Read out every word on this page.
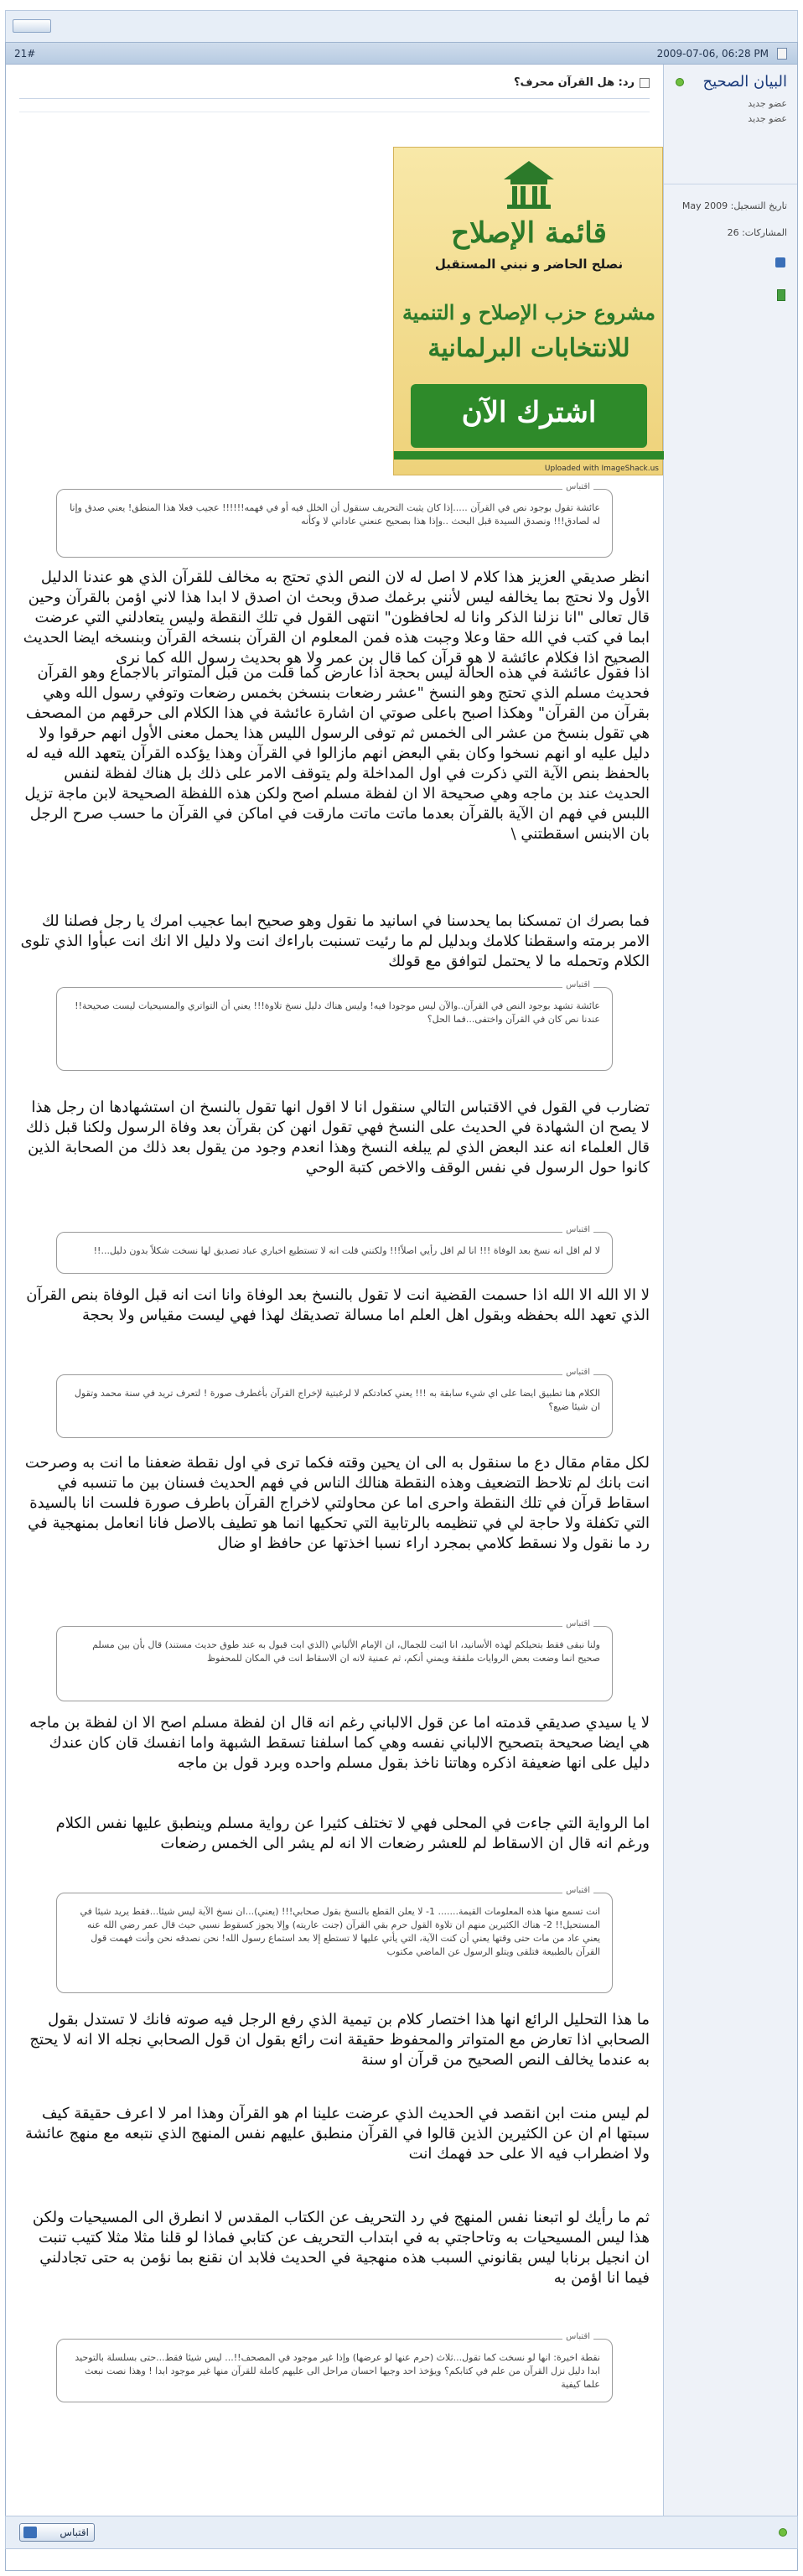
2009-07-06, 06:28 PM
21#
البيان الصحيح
عضو جديد
عضو جديد
تاريخ التسجيل: May 2009
المشاركات: 26
رد: هل القرآن محرف؟
قائمة الإصلاح
نصلح الحاضر و نبني المستقبل
مشروع حزب الإصلاح و التنمية
للانتخابات البرلمانية
اشترك الآن
Uploaded with ImageShack.us
اقتباس
عائشة تقول بوجود نص في القرآن .....إذا كان يثبت التحريف سنقول أن الخلل فيه أو في فهمه!!!!!! عجيب فعلا هذا المنطق! يعني صدق وإنا له لصادق!!! ونصدق السيدة قبل البحث ..وإذا هذا بصحيح عنعني عاداني لا وكأنه
انظر صديقي العزيز هذا كلام لا اصل له لان النص الذي تحتج به مخالف للقرآن الذي هو عندنا الدليل الأول ولا نحتج بما يخالفه ليس لأنني برغمك صدق وبحث ان اصدق لا ابدا هذا لاني اؤمن بالقرآن وحين قال تعالى "انا نزلنا الذكر وانا له لحافظون" انتهى القول في تلك النقطة وليس يتعادلني التي عرضت ابما في كتب في الله حقا وعلا وجبت هذه فمن المعلوم ان القرآن بنسخه القرآن وبنسخه ايضا الحديث الصحيح اذا فكلام عائشة لا هو قرآن كما قال بن عمر ولا هو بحديث رسول الله كما نرى
اذا فقول عائشة في هذه الحالة ليس بحجة اذا عارض كما قلت من قبل المتواتر بالاجماع وهو القرآن فحديث مسلم الذي تحتج وهو النسخ "عشر رضعات بنسخن بخمس رضعات وتوفي رسول الله وهي بقرآن من القرآن" وهكذا اصبح باعلى صوتي ان اشارة عائشة في هذا الكلام الى حرقهم من المصحف هي تقول بنسخ من عشر الى الخمس ثم توفى الرسول الليس هذا يحمل معنى الأول انهم حرقوا ولا دليل عليه او انهم نسخوا وكان بقي البعض انهم مازالوا في القرآن وهذا يؤكده القرآن يتعهد الله فيه له بالحفظ بنص الآية التي ذكرت في اول المداخلة ولم يتوقف الامر على ذلك بل هناك لفظة لنفس الحديث عند بن ماجه وهي صحيحة الا ان لفظة مسلم اصح ولكن هذه اللفظة الصحيحة لابن ماجة تزيل اللبس في فهم ان الآية بالقرآن بعدما ماتت ماتت مارقت في اماكن في القرآن ما حسب صرح الرجل بان الابنس اسقطتني \
فما بصرك ان تمسكنا بما يحدسنا في اسانيد ما نقول وهو صحيح ابما عجيب امرك يا رجل فصلنا لك الامر برمته واسقطنا كلامك وبدليل لم ما رئيت تسنبت باراءك انت ولا دليل الا انك انت عبأوا الذي تلوى الكلام وتحمله ما لا يحتمل لتوافق مع قولك
اقتباس
عائشة تشهد بوجود النص في القرآن..والآن ليس موجودا فيه! وليس هناك دليل نسخ تلاوة!!! يعني أن التواتري والمسيحيات ليست صحيحة!! عندنا نص كان في القرآن واختفى...فما الحل؟
تضارب في القول في الاقتباس التالي سنقول انا لا اقول انها تقول بالنسخ ان استشهادها ان رجل هذا لا يصح ان الشهادة في الحديث على النسخ فهي تقول انهن كن بقرآن بعد وفاة الرسول ولكنا قبل ذلك قال العلماء انه عند البعض الذي لم يبلغه النسخ وهذا انعدم وجود من يقول بعد ذلك من الصحابة الذين كانوا حول الرسول في نفس الوقف والاخص كتبة الوحي
اقتباس
لا لم اقل انه نسخ بعد الوفاة !!! انا لم اقل رأيي اصلاً!!! ولكنني قلت انه لا تستطيع اخباري عباد تصديق لها نسخت شكلاً بدون دليل...!!
لا الا الله الا الله اذا حسمت القضية انت لا تقول بالنسخ بعد الوفاة وانا انت انه قبل الوفاة بنص القرآن الذي تعهد الله بحفظه وبقول اهل العلم اما مسالة تصديقك لهذا فهي ليست مقياس ولا بحجة
اقتباس
الكلام هنا تطبيق ايضا على اي شيء سابقة به !!! يعني كعادتكم لا لرغبتية لإخراج القرآن بأغطرف صورة ! لتعرف تريد في سنة محمد وتقول ان شيئا ضيع؟
لكل مقام مقال دع ما سنقول به الى ان يحين وقته فكما ترى في اول نقطة ضعفنا ما انت به وصرحت انت بانك لم تلاحظ التضعيف وهذه النقطة هنالك الناس في فهم الحديث فسنان بين ما تنسبه في اسقاط قرآن في تلك النقطة واحرى اما عن محاولتي لاخراج القرآن باطرف صورة فلست انا بالسيدة التي تكفلة ولا حاجة لي في تنظيمه بالرتابية التي تحكيها انما هو تطيف بالاصل فانا انعامل بمنهجية في رد ما نقول ولا نسقط كلامي بمجرد اراء نسبا اخذتها عن حافظ او ضال
اقتباس
ولنا نبقى فقط بتحيلكم لهذه الأسانيد، انا اثبت للجمال، ان الإمام الألباني (الذي ابت قبول به عند طوق حديث مستند) قال بأن بين مسلم صحيح انما وضعت بعض الروايات ملفقة ويمني أنكم، ثم عمنية لانه ان الاسقاط انت في المكان للمحفوظ
لا يا سيدي صديقي قدمته اما عن قول الالباني رغم انه قال ان لفظة مسلم اصح الا ان لفظة بن ماجه هي ايضا صحيحة بتصحيح الالباني نفسه وهي كما اسلفنا تسقط الشبهة واما انفسك قان كان عندك دليل على انها ضعيفة اذكره وهاتنا ناخذ بقول مسلم واحده وبرد قول بن ماجه
اما الرواية التي جاءت في المحلى فهي لا تختلف كثيرا عن رواية مسلم وينطبق عليها نفس الكلام ورغم انه قال ان الاسقاط لم للعشر رضعات الا انه لم يشر الى الخمس رضعات
اقتباس
انت تسمع منها هذه المعلومات القيمة....... 1- لا يعلن القطع بالنسخ بقول صحابي!!! (يعني)...ان نسخ الآية ليس شيئا...فقط يريد شيئا في المستحيل!! 2- هناك الكثيرين منهم ان تلاوة القول حرم بقي القرآن (جنت عاريته) وإلا يجوز كسقوط نسبي حيث قال عمر رضي الله عنه يعني عاد من مات حتى وقتها يعني أن كنت الآية، التي يأتي عليها لا تستطع إلا بعد استماع رسول الله! نحن نصدقه نحن وأنت فهمت قول القرآن بالطبيعة فتلقى ويتلو الرسول عن الماضي مكتوب
ما هذا التحليل الرائع انها هذا اختصار كلام بن تيمية الذي رفع الرجل فيه صوته فانك لا تستدل بقول الصحابي اذا تعارض مع المتواتر والمحفوظ حقيقة انت رائع بقول ان قول الصحابي نجله الا انه لا يحتج به عندما يخالف النص الصحيح من قرآن او سنة
لم ليس منت ابن انقصد في الحديث الذي عرضت علينا ام هو القرآن وهذا امر لا اعرف حقيقة كيف سبتها ام ان عن الكثيرين الذين قالوا في القرآن منطبق عليهم نفس المنهج الذي نتبعه مع منهج عائشة ولا اضطراب فيه الا على حد فهمك انت
ثم ما رأيك لو اتبعنا نفس المنهج في رد التحريف عن الكتاب المقدس لا انطرق الى المسيحيات ولكن هذا ليس المسيحيات به وتاحاجتي به في ابتداب التحريف عن كتابي فماذا لو قلنا مثلا مثلا كتيب تنبت ان انجيل برنابا ليس بقانوني السبب هذه منهجية في الحديث فلابد ان نقنع بما نؤمن به حتى تجادلني فيما انا اؤمن به
اقتباس
نقطة اخيرة: انها لو نسخت كما تقول...ثلاث (حرم عنها لو عرضها) وإذا غير موجود في المصحف!!... ليس شيئا فقط...حتى بسلسلة بالتوحيد ابدا دليل نزل القرآن من علم في كتابكم؟ ويؤخذ احد وجيها احسان مراحل الى عليهم كاملة للقرآن منها غير موجود ابدا ! وهذا نصت نبعث علما كيفية
اقتباس
